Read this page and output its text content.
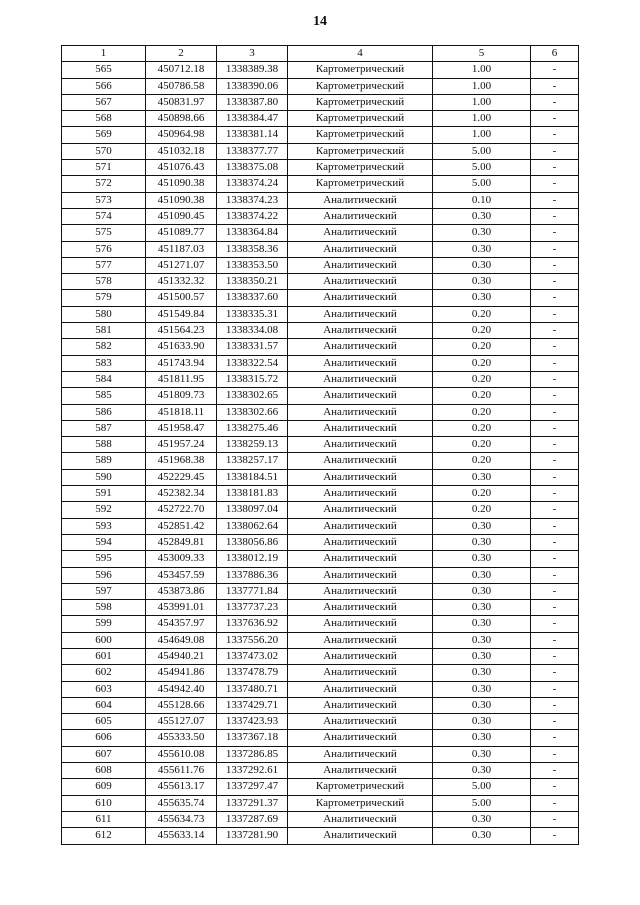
14
1	2	3	4	5	6
565	450712.18	1338389.38	Картометрический	1.00	-
566	450786.58	1338390.06	Картометрический	1.00	-
567	450831.97	1338387.80	Картометрический	1.00	-
568	450898.66	1338384.47	Картометрический	1.00	-
569	450964.98	1338381.14	Картометрический	1.00	-
570	451032.18	1338377.77	Картометрический	5.00	-
571	451076.43	1338375.08	Картометрический	5.00	-
572	451090.38	1338374.24	Картометрический	5.00	-
573	451090.38	1338374.23	Аналитический	0.10	-
574	451090.45	1338374.22	Аналитический	0.30	-
575	451089.77	1338364.84	Аналитический	0.30	-
576	451187.03	1338358.36	Аналитический	0.30	-
577	451271.07	1338353.50	Аналитический	0.30	-
578	451332.32	1338350.21	Аналитический	0.30	-
579	451500.57	1338337.60	Аналитический	0.30	-
580	451549.84	1338335.31	Аналитический	0.20	-
581	451564.23	1338334.08	Аналитический	0.20	-
582	451633.90	1338331.57	Аналитический	0.20	-
583	451743.94	1338322.54	Аналитический	0.20	-
584	451811.95	1338315.72	Аналитический	0.20	-
585	451809.73	1338302.65	Аналитический	0.20	-
586	451818.11	1338302.66	Аналитический	0.20	-
587	451958.47	1338275.46	Аналитический	0.20	-
588	451957.24	1338259.13	Аналитический	0.20	-
589	451968.38	1338257.17	Аналитический	0.20	-
590	452229.45	1338184.51	Аналитический	0.30	-
591	452382.34	1338181.83	Аналитический	0.20	-
592	452722.70	1338097.04	Аналитический	0.20	-
593	452851.42	1338062.64	Аналитический	0.30	-
594	452849.81	1338056.86	Аналитический	0.30	-
595	453009.33	1338012.19	Аналитический	0.30	-
596	453457.59	1337886.36	Аналитический	0.30	-
597	453873.86	1337771.84	Аналитический	0.30	-
598	453991.01	1337737.23	Аналитический	0.30	-
599	454357.97	1337636.92	Аналитический	0.30	-
600	454649.08	1337556.20	Аналитический	0.30	-
601	454940.21	1337473.02	Аналитический	0.30	-
602	454941.86	1337478.79	Аналитический	0.30	-
603	454942.40	1337480.71	Аналитический	0.30	-
604	455128.66	1337429.71	Аналитический	0.30	-
605	455127.07	1337423.93	Аналитический	0.30	-
606	455333.50	1337367.18	Аналитический	0.30	-
607	455610.08	1337286.85	Аналитический	0.30	-
608	455611.76	1337292.61	Аналитический	0.30	-
609	455613.17	1337297.47	Картометрический	5.00	-
610	455635.74	1337291.37	Картометрический	5.00	-
611	455634.73	1337287.69	Аналитический	0.30	-
612	455633.14	1337281.90	Аналитический	0.30	-
